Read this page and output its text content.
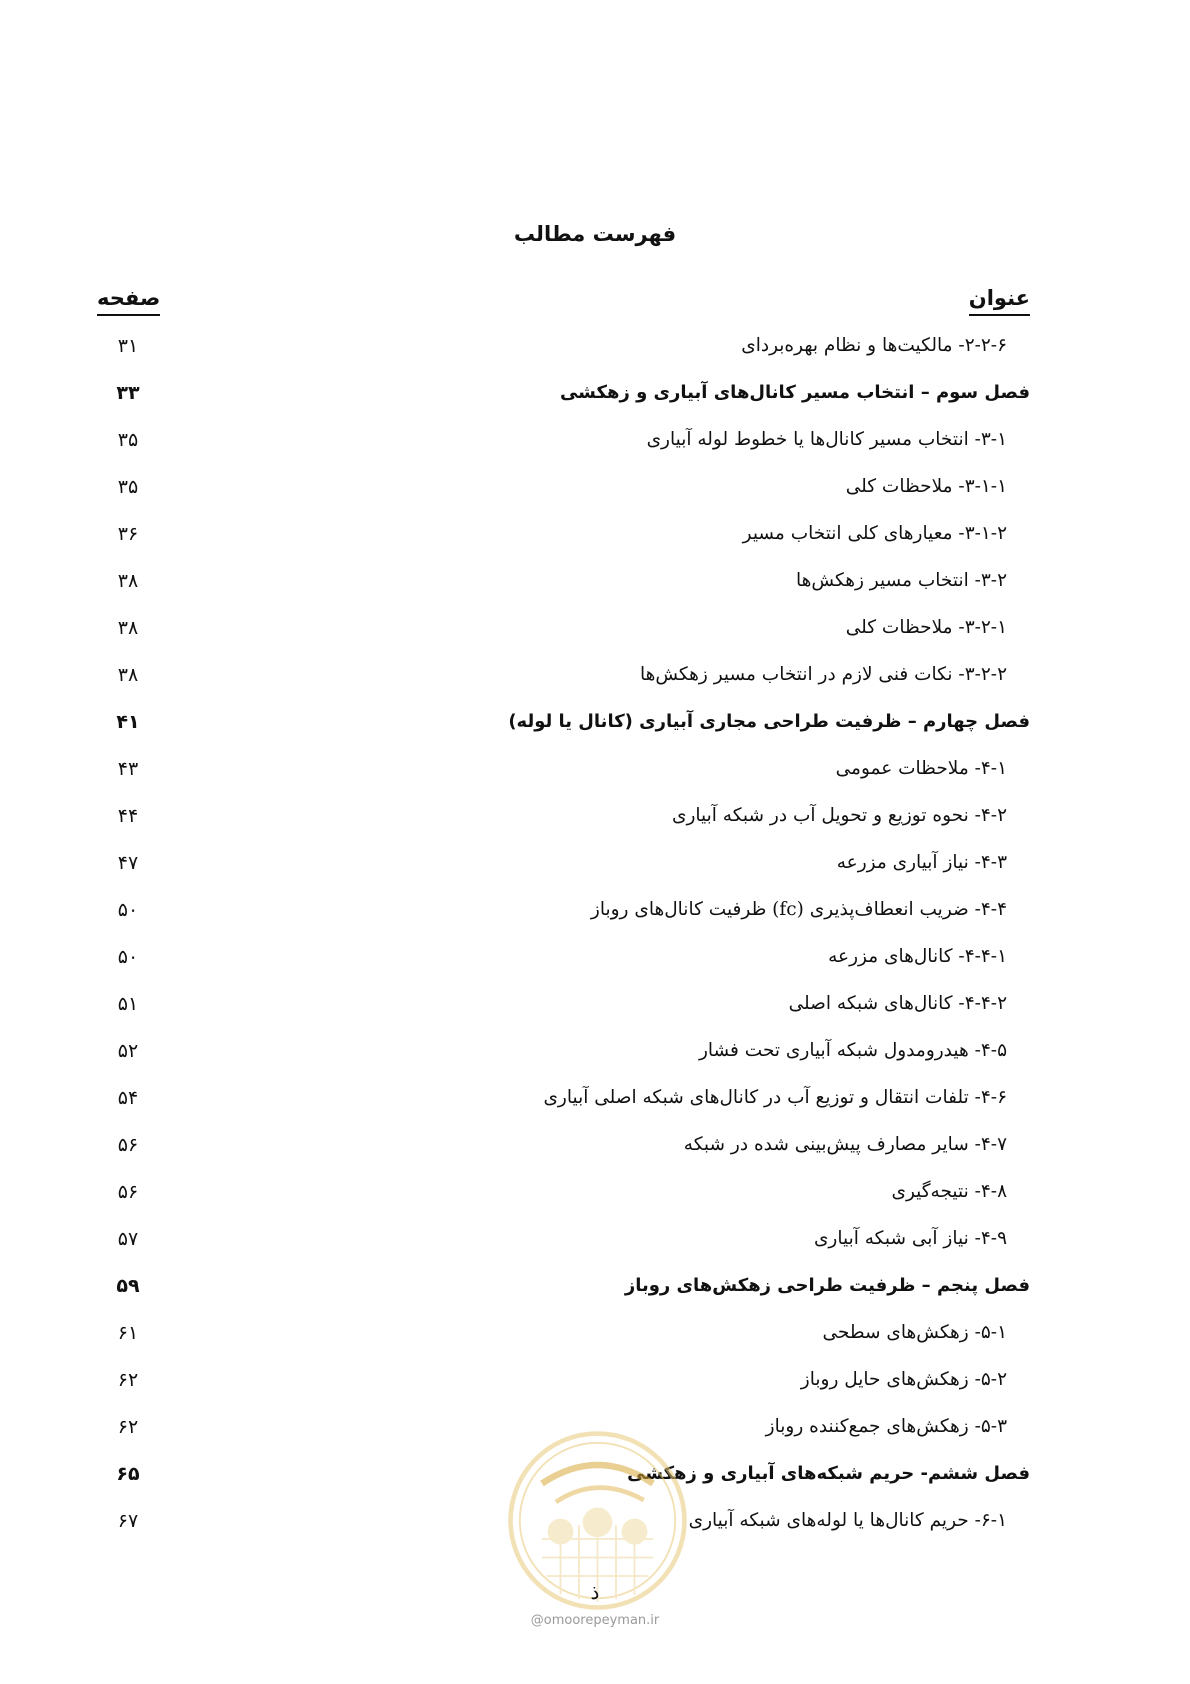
فهرست مطالب
عنوان
صفحه
۲-۲-۶- مالکیت‌ها و نظام بهره‌بردای
۳۱
فصل سوم – انتخاب مسیر کانال‌های آبیاری و زهکشی
۳۳
۳-۱- انتخاب مسیر کانال‌ها یا خطوط لوله آبیاری
۳۵
۳-۱-۱- ملاحظات کلی
۳۵
۳-۱-۲- معیارهای کلی انتخاب مسیر
۳۶
۳-۲- انتخاب مسیر زهکش‌ها
۳۸
۳-۲-۱- ملاحظات کلی
۳۸
۳-۲-۲- نکات فنی لازم در انتخاب مسیر زهکش‌ها
۳۸
فصل چهارم – ظرفیت طراحی مجاری آبیاری (کانال یا لوله)
۴۱
۴-۱- ملاحظات عمومی
۴۳
۴-۲- نحوه توزیع و تحویل آب در شبکه آبیاری
۴۴
۴-۳- نیاز آبیاری مزرعه
۴۷
۴-۴- ضریب انعطاف‌پذیری (fc) ظرفیت کانال‌های روباز
۵۰
۴-۴-۱- کانال‌های مزرعه
۵۰
۴-۴-۲- کانال‌های شبکه اصلی
۵۱
۴-۵- هیدرومدول شبکه آبیاری تحت فشار
۵۲
۴-۶- تلفات انتقال و توزیع آب در کانال‌های شبکه اصلی آبیاری
۵۴
۴-۷- سایر مصارف پیش‌بینی شده در شبکه
۵۶
۴-۸- نتیجه‌گیری
۵۶
۴-۹- نیاز آبی شبکه آبیاری
۵۷
فصل پنجم – ظرفیت طراحی زهکش‌های روباز
۵۹
۵-۱- زهکش‌های سطحی
۶۱
۵-۲- زهکش‌های حایل روباز
۶۲
۵-۳- زهکش‌های جمع‌کننده روباز
۶۲
فصل ششم- حریم شبکه‌های آبیاری و زهکشی
۶۵
۶-۱- حریم کانال‌ها یا لوله‌های شبکه آبیاری
۶۷
ذ
@omoorepeyman.ir
